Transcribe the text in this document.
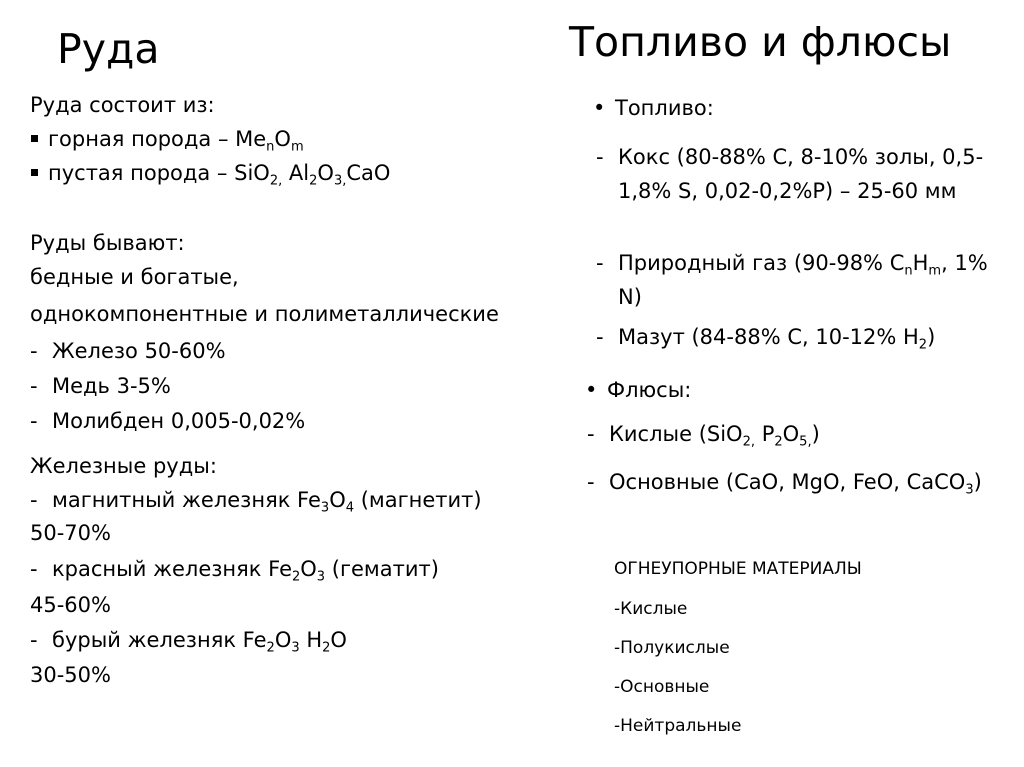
Руда
Руда состоит из:
горная порода – $Me_nO_m$
пустая порода – SiO$_{2,}$ $Al_2O_{3,}CaO$
Руды бывают:
бедные и богатые,
однокомпонентные и полиметаллические
- Железо 50-60%
- Медь 3-5%
- Молибден 0,005-0,02%
Железные руды:
- магнитный железняк $Fe_3O_4$ (магнетит)
50-70%
- красный железняк $Fe_2O_3$ (гематит)
45-60%
- бурый железняк $Fe_2O_3$ $H_2O$
30-50%
Топливо и флюсы
• Топливо:
- Кокс (80-88% С, 8-10% золы, 0,5-1,8% S, 0,02-0,2%P) – 25-60 мм
- Природный газ (90-98% $С_nH_m$, 1% N)
- Мазут (84-88% С, 10-12% $Н_2$)
• Флюсы:
- Кислые (SiO$_{2,}$ $P_2O_{5,}$)
- Основные (CaO, MgO, FeO, CaCO$_3$)
ОГНЕУПОРНЫЕ МАТЕРИАЛЫ
-Кислые
-Полукислые
-Основные
-Нейтральные
